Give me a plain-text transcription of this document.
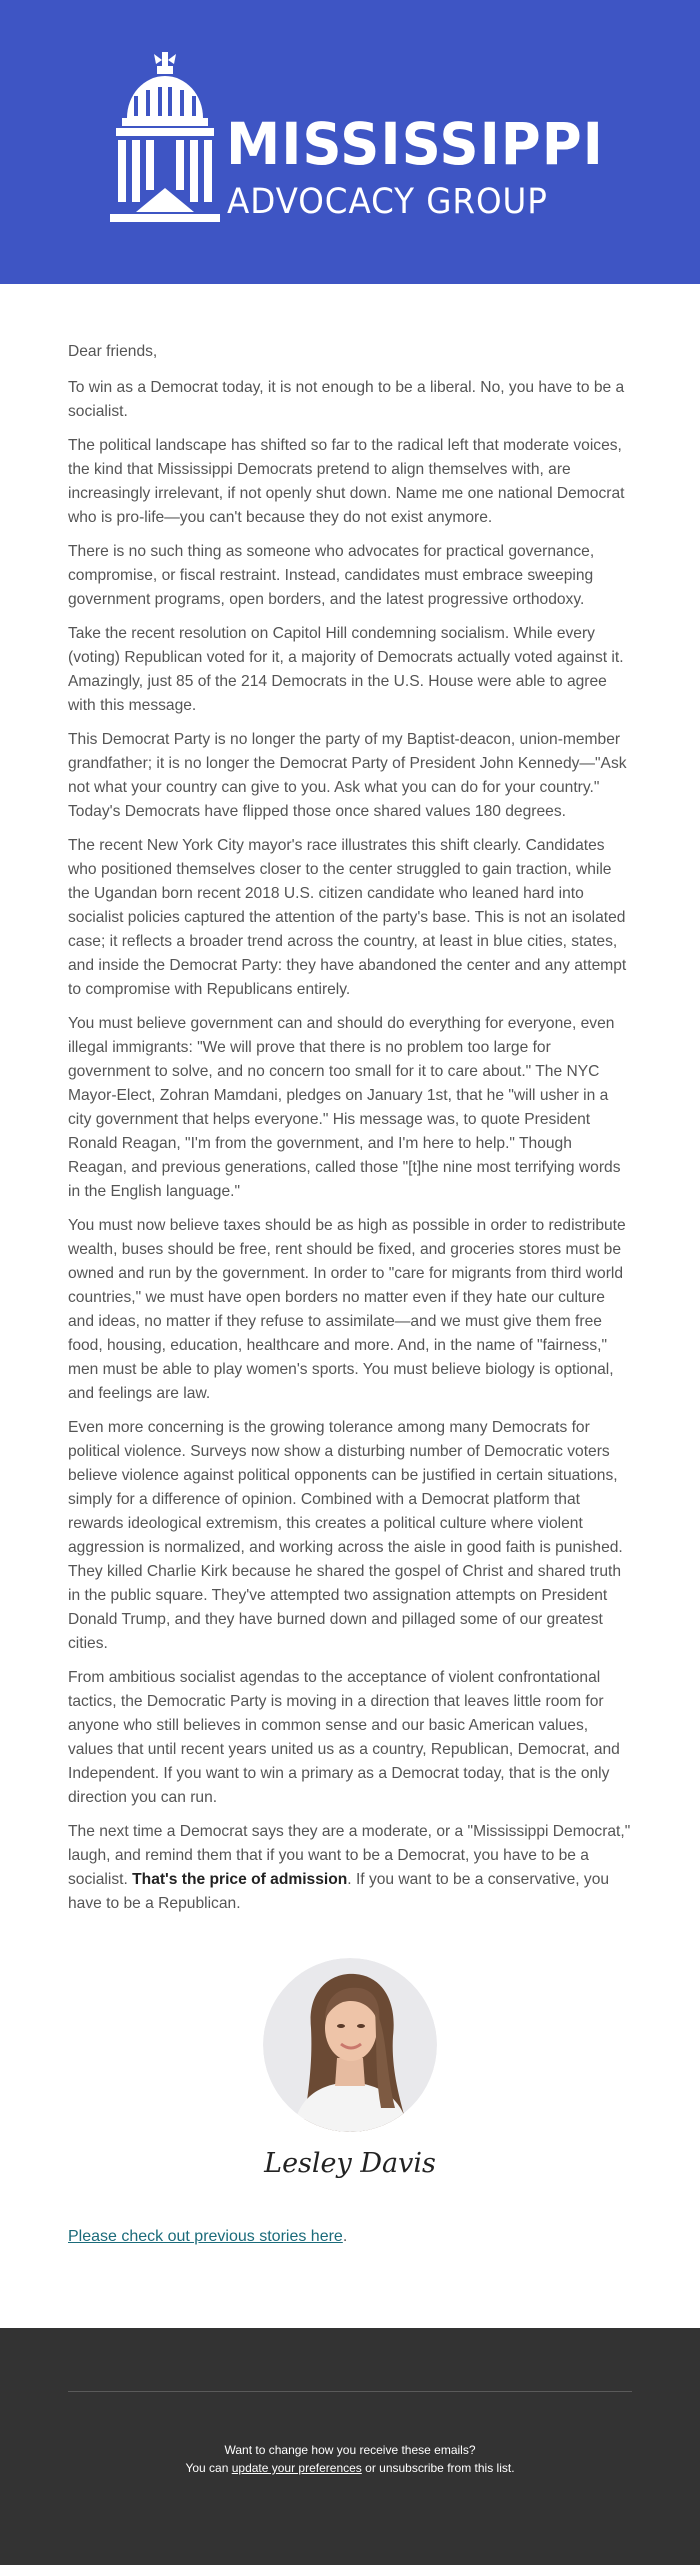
MISSISSIPPI
ADVOCACY GROUP

Dear friends,

To win as a Democrat today, it is not enough to be a liberal. No, you have to be a socialist.

The political landscape has shifted so far to the radical left that moderate voices, the kind that Mississippi Democrats pretend to align themselves with, are increasingly irrelevant, if not openly shut down. Name me one national Democrat who is pro-life—you can't because they do not exist anymore.

There is no such thing as someone who advocates for practical governance, compromise, or fiscal restraint. Instead, candidates must embrace sweeping government programs, open borders, and the latest progressive orthodoxy.

Take the recent resolution on Capitol Hill condemning socialism. While every (voting) Republican voted for it, a majority of Democrats actually voted against it. Amazingly, just 85 of the 214 Democrats in the U.S. House were able to agree with this message.

This Democrat Party is no longer the party of my Baptist-deacon, union-member grandfather; it is no longer the Democrat Party of President John Kennedy—"Ask not what your country can give to you. Ask what you can do for your country." Today's Democrats have flipped those once shared values 180 degrees.

The recent New York City mayor's race illustrates this shift clearly. Candidates who positioned themselves closer to the center struggled to gain traction, while the Ugandan born recent 2018 U.S. citizen candidate who leaned hard into socialist policies captured the attention of the party's base. This is not an isolated case; it reflects a broader trend across the country, at least in blue cities, states, and inside the Democrat Party: they have abandoned the center and any attempt to compromise with Republicans entirely.

You must believe government can and should do everything for everyone, even illegal immigrants: "We will prove that there is no problem too large for government to solve, and no concern too small for it to care about." The NYC Mayor-Elect, Zohran Mamdani, pledges on January 1st, that he "will usher in a city government that helps everyone." His message was, to quote President Ronald Reagan, "I'm from the government, and I'm here to help." Though Reagan, and previous generations, called those "[t]he nine most terrifying words in the English language."

You must now believe taxes should be as high as possible in order to redistribute wealth, buses should be free, rent should be fixed, and groceries stores must be owned and run by the government. In order to "care for migrants from third world countries," we must have open borders no matter even if they hate our culture and ideas, no matter if they refuse to assimilate—and we must give them free food, housing, education, healthcare and more. And, in the name of "fairness," men must be able to play women's sports. You must believe biology is optional, and feelings are law.

Even more concerning is the growing tolerance among many Democrats for political violence. Surveys now show a disturbing number of Democratic voters believe violence against political opponents can be justified in certain situations, simply for a difference of opinion. Combined with a Democrat platform that rewards ideological extremism, this creates a political culture where violent aggression is normalized, and working across the aisle in good faith is punished. They killed Charlie Kirk because he shared the gospel of Christ and shared truth in the public square. They've attempted two assignation attempts on President Donald Trump, and they have burned down and pillaged some of our greatest cities.

From ambitious socialist agendas to the acceptance of violent confrontational tactics, the Democratic Party is moving in a direction that leaves little room for anyone who still believes in common sense and our basic American values, values that until recent years united us as a country, Republican, Democrat, and Independent. If you want to win a primary as a Democrat today, that is the only direction you can run.

The next time a Democrat says they are a moderate, or a "Mississippi Democrat," laugh, and remind them that if you want to be a Democrat, you have to be a socialist. That's the price of admission. If you want to be a conservative, you have to be a Republican.

Lesley Davis
Please check out previous stories here.
Want to change how you receive these emails?
You can update your preferences or unsubscribe from this list.
